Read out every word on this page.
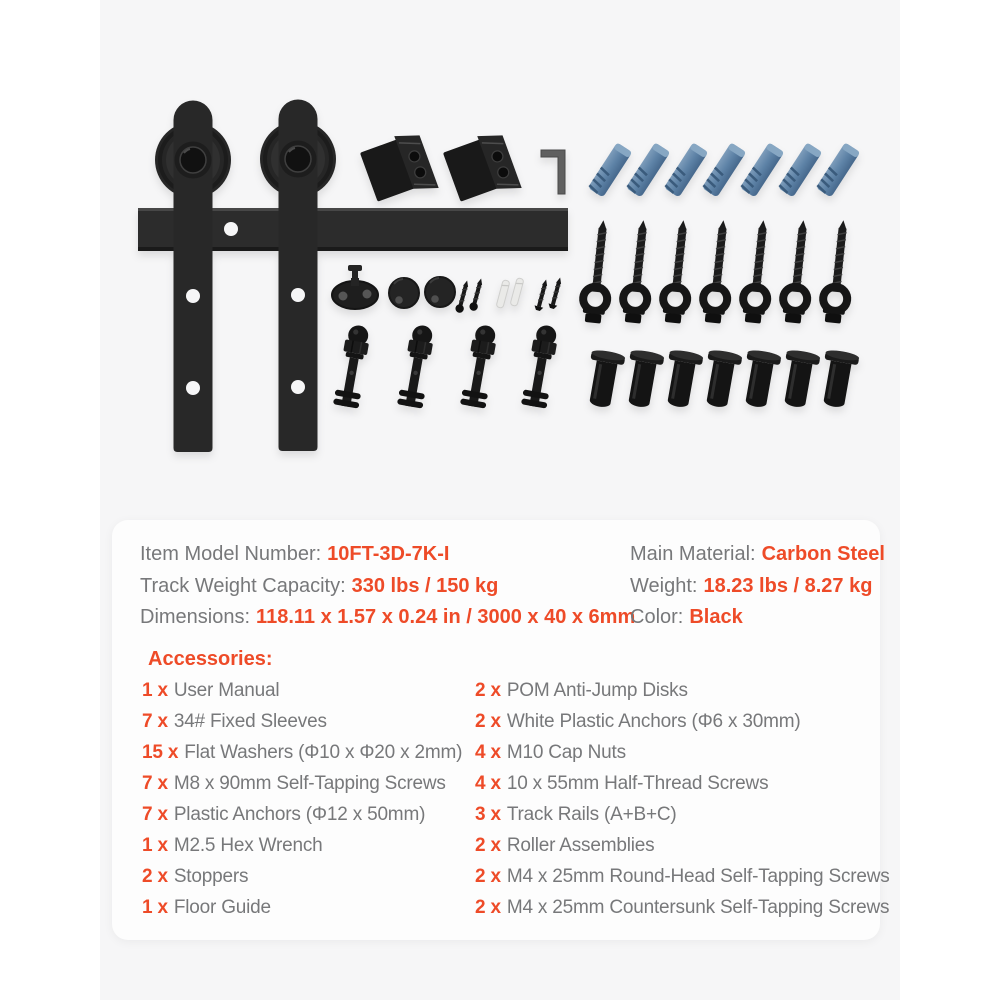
Item Model Number: 10FT-3D-7K-I
Track Weight Capacity: 330 lbs / 150 kg
Dimensions: 118.11 x 1.57 x 0.24 in / 3000 x 40 x 6mm
Main Material: Carbon Steel
Weight: 18.23 lbs / 8.27 kg
Color: Black
Accessories:
1 x User Manual
7 x 34# Fixed Sleeves
15 x Flat Washers (Φ10 x Φ20 x 2mm)
7 x M8 x 90mm Self-Tapping Screws
7 x Plastic Anchors (Φ12 x 50mm)
1 x M2.5 Hex Wrench
2 x Stoppers
1 x Floor Guide
2 x POM Anti-Jump Disks
2 x White Plastic Anchors (Φ6 x 30mm)
4 x M10 Cap Nuts
4 x 10 x 55mm Half-Thread Screws
3 x Track Rails (A+B+C)
2 x Roller Assemblies
2 x M4 x 25mm Round-Head Self-Tapping Screws
2 x M4 x 25mm Countersunk Self-Tapping Screws
